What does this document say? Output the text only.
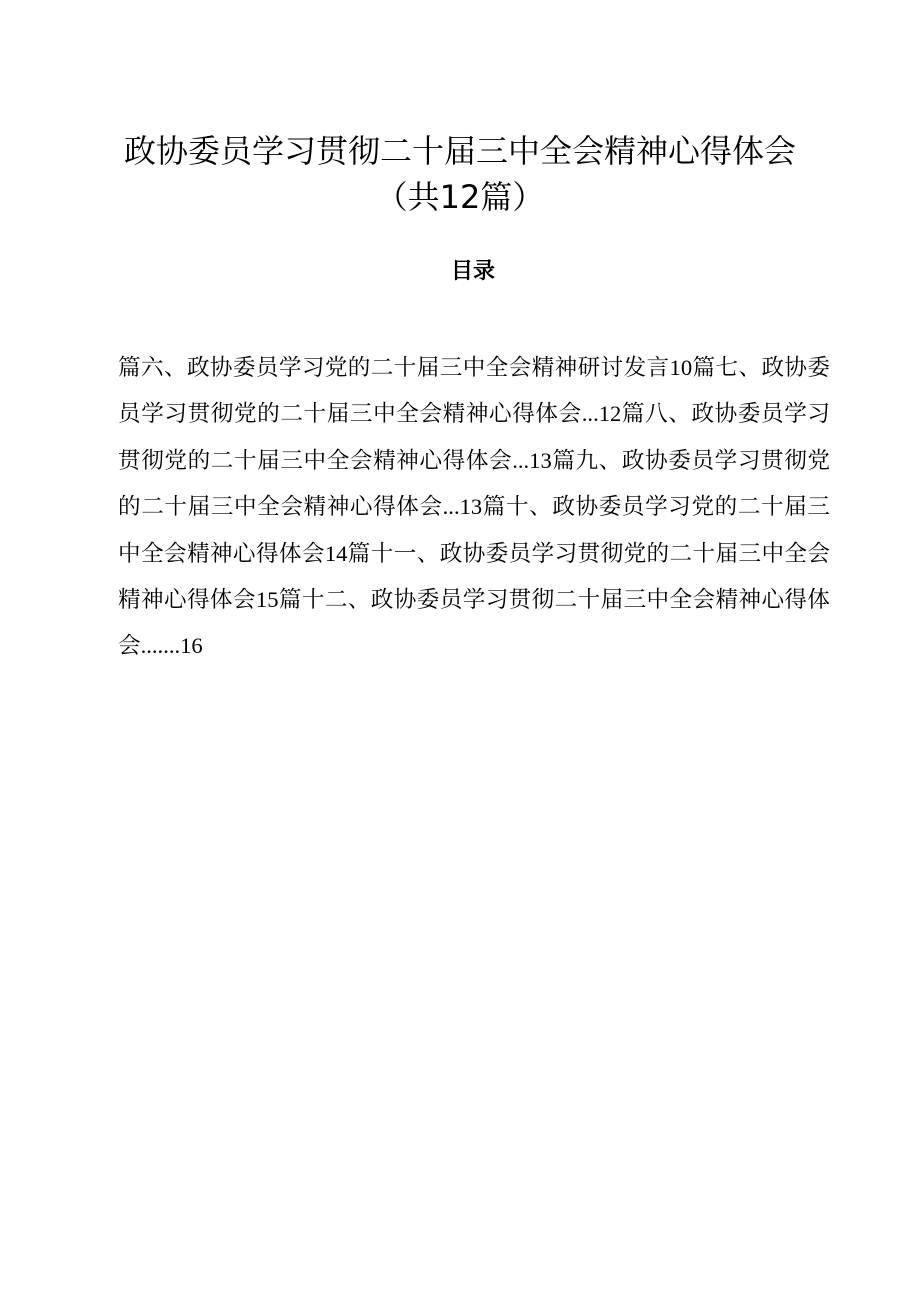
政协委员学习贯彻二十届三中全会精神心得体会（共12篇）
目录

篇六、政协委员学习党的二十届三中全会精神研讨发言10篇七、政协委员学习贯彻党的二十届三中全会精神心得体会...12篇八、政协委员学习贯彻党的二十届三中全会精神心得体会...13篇九、政协委员学习贯彻党的二十届三中全会精神心得体会...13篇十、政协委员学习党的二十届三中全会精神心得体会14篇十一、政协委员学习贯彻党的二十届三中全会精神心得体会15篇十二、政协委员学习贯彻二十届三中全会精神心得体会.......16
